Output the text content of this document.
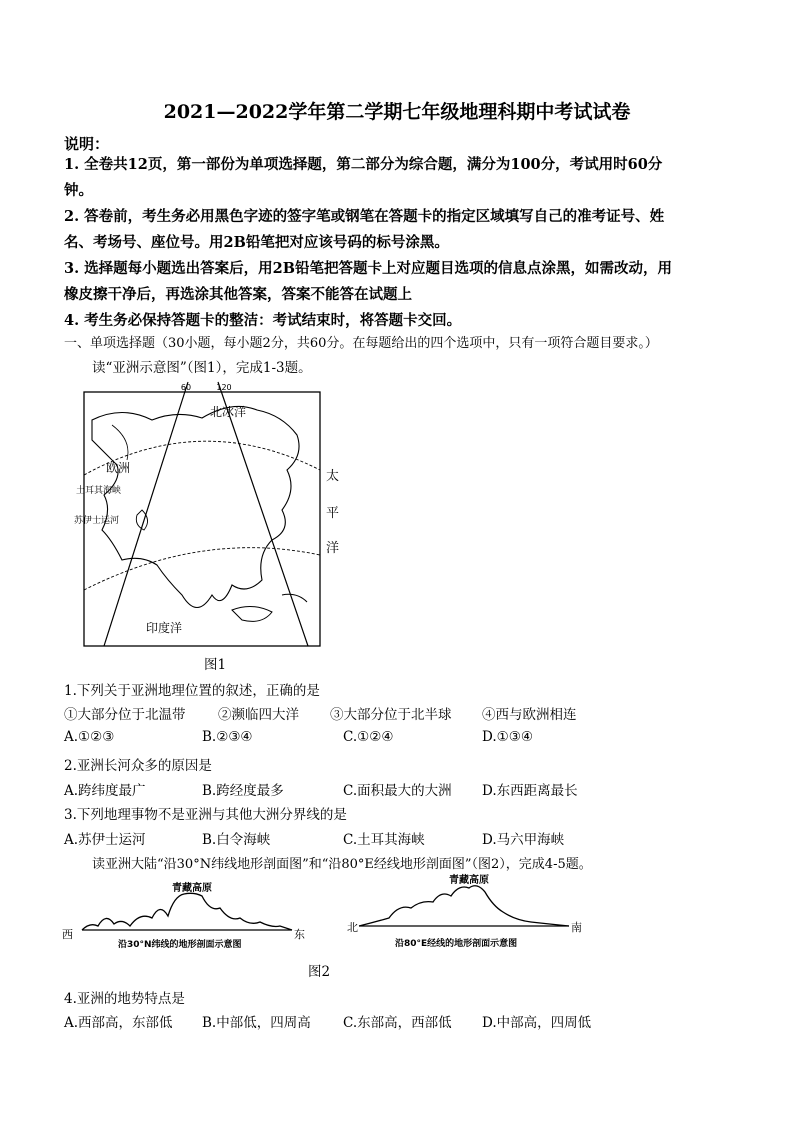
2021—2022学年第二学期七年级地理科期中考试试卷
说明：
1. 全卷共12页，第一部份为单项选择题，第二部分为综合题，满分为100分，考试用时60分
钟。
2. 答卷前，考生务必用黑色字迹的签字笔或钢笔在答题卡的指定区域填写自己的准考证号、姓
名、考场号、座位号。用2B铅笔把对应该号码的标号涂黑。
3. 选择题每小题选出答案后，用2B铅笔把答题卡上对应题目选项的信息点涂黑，如需改动，用
橡皮擦干净后，再选涂其他答案，答案不能答在试题上
4. 考生务必保持答题卡的整洁：考试结束时，将答题卡交回。
一、单项选择题（30小题，每小题2分，共60分。在每题给出的四个选项中，只有一项符合题目要求。）
读“亚洲示意图”（图1），完成1-3题。
60	120
北冰洋
欧洲
土耳其海峡
苏伊士运河
太
平
洋
印度洋
图1
1.下列关于亚洲地理位置的叙述，正确的是
①大部分位于北温带 ②濒临四大洋 ③大部分位于北半球 ④西与欧洲相连
A.①②③	B.②③④	C.①②④	D.①③④
2.亚洲长河众多的原因是
A.跨纬度最广	B.跨经度最多	C.面积最大的大洲 D.东西距离最长
3.下列地理事物不是亚洲与其他大洲分界线的是
A.苏伊士运河	B.白令海峡	C.土耳其海峡	D.马六甲海峡
读亚洲大陆“沿30°N纬线地形剖面图”和“沿80°E经线地形剖面图”（图2），完成4-5题。
青藏高原
西	东
沿30°N纬线的地形剖面示意图
青藏高原
北	南
沿80°E经线的地形剖面示意图
图2
4.亚洲的地势特点是
A.西部高，东部低 B.中部低，四周高 C.东部高，西部低 D.中部高，四周低
